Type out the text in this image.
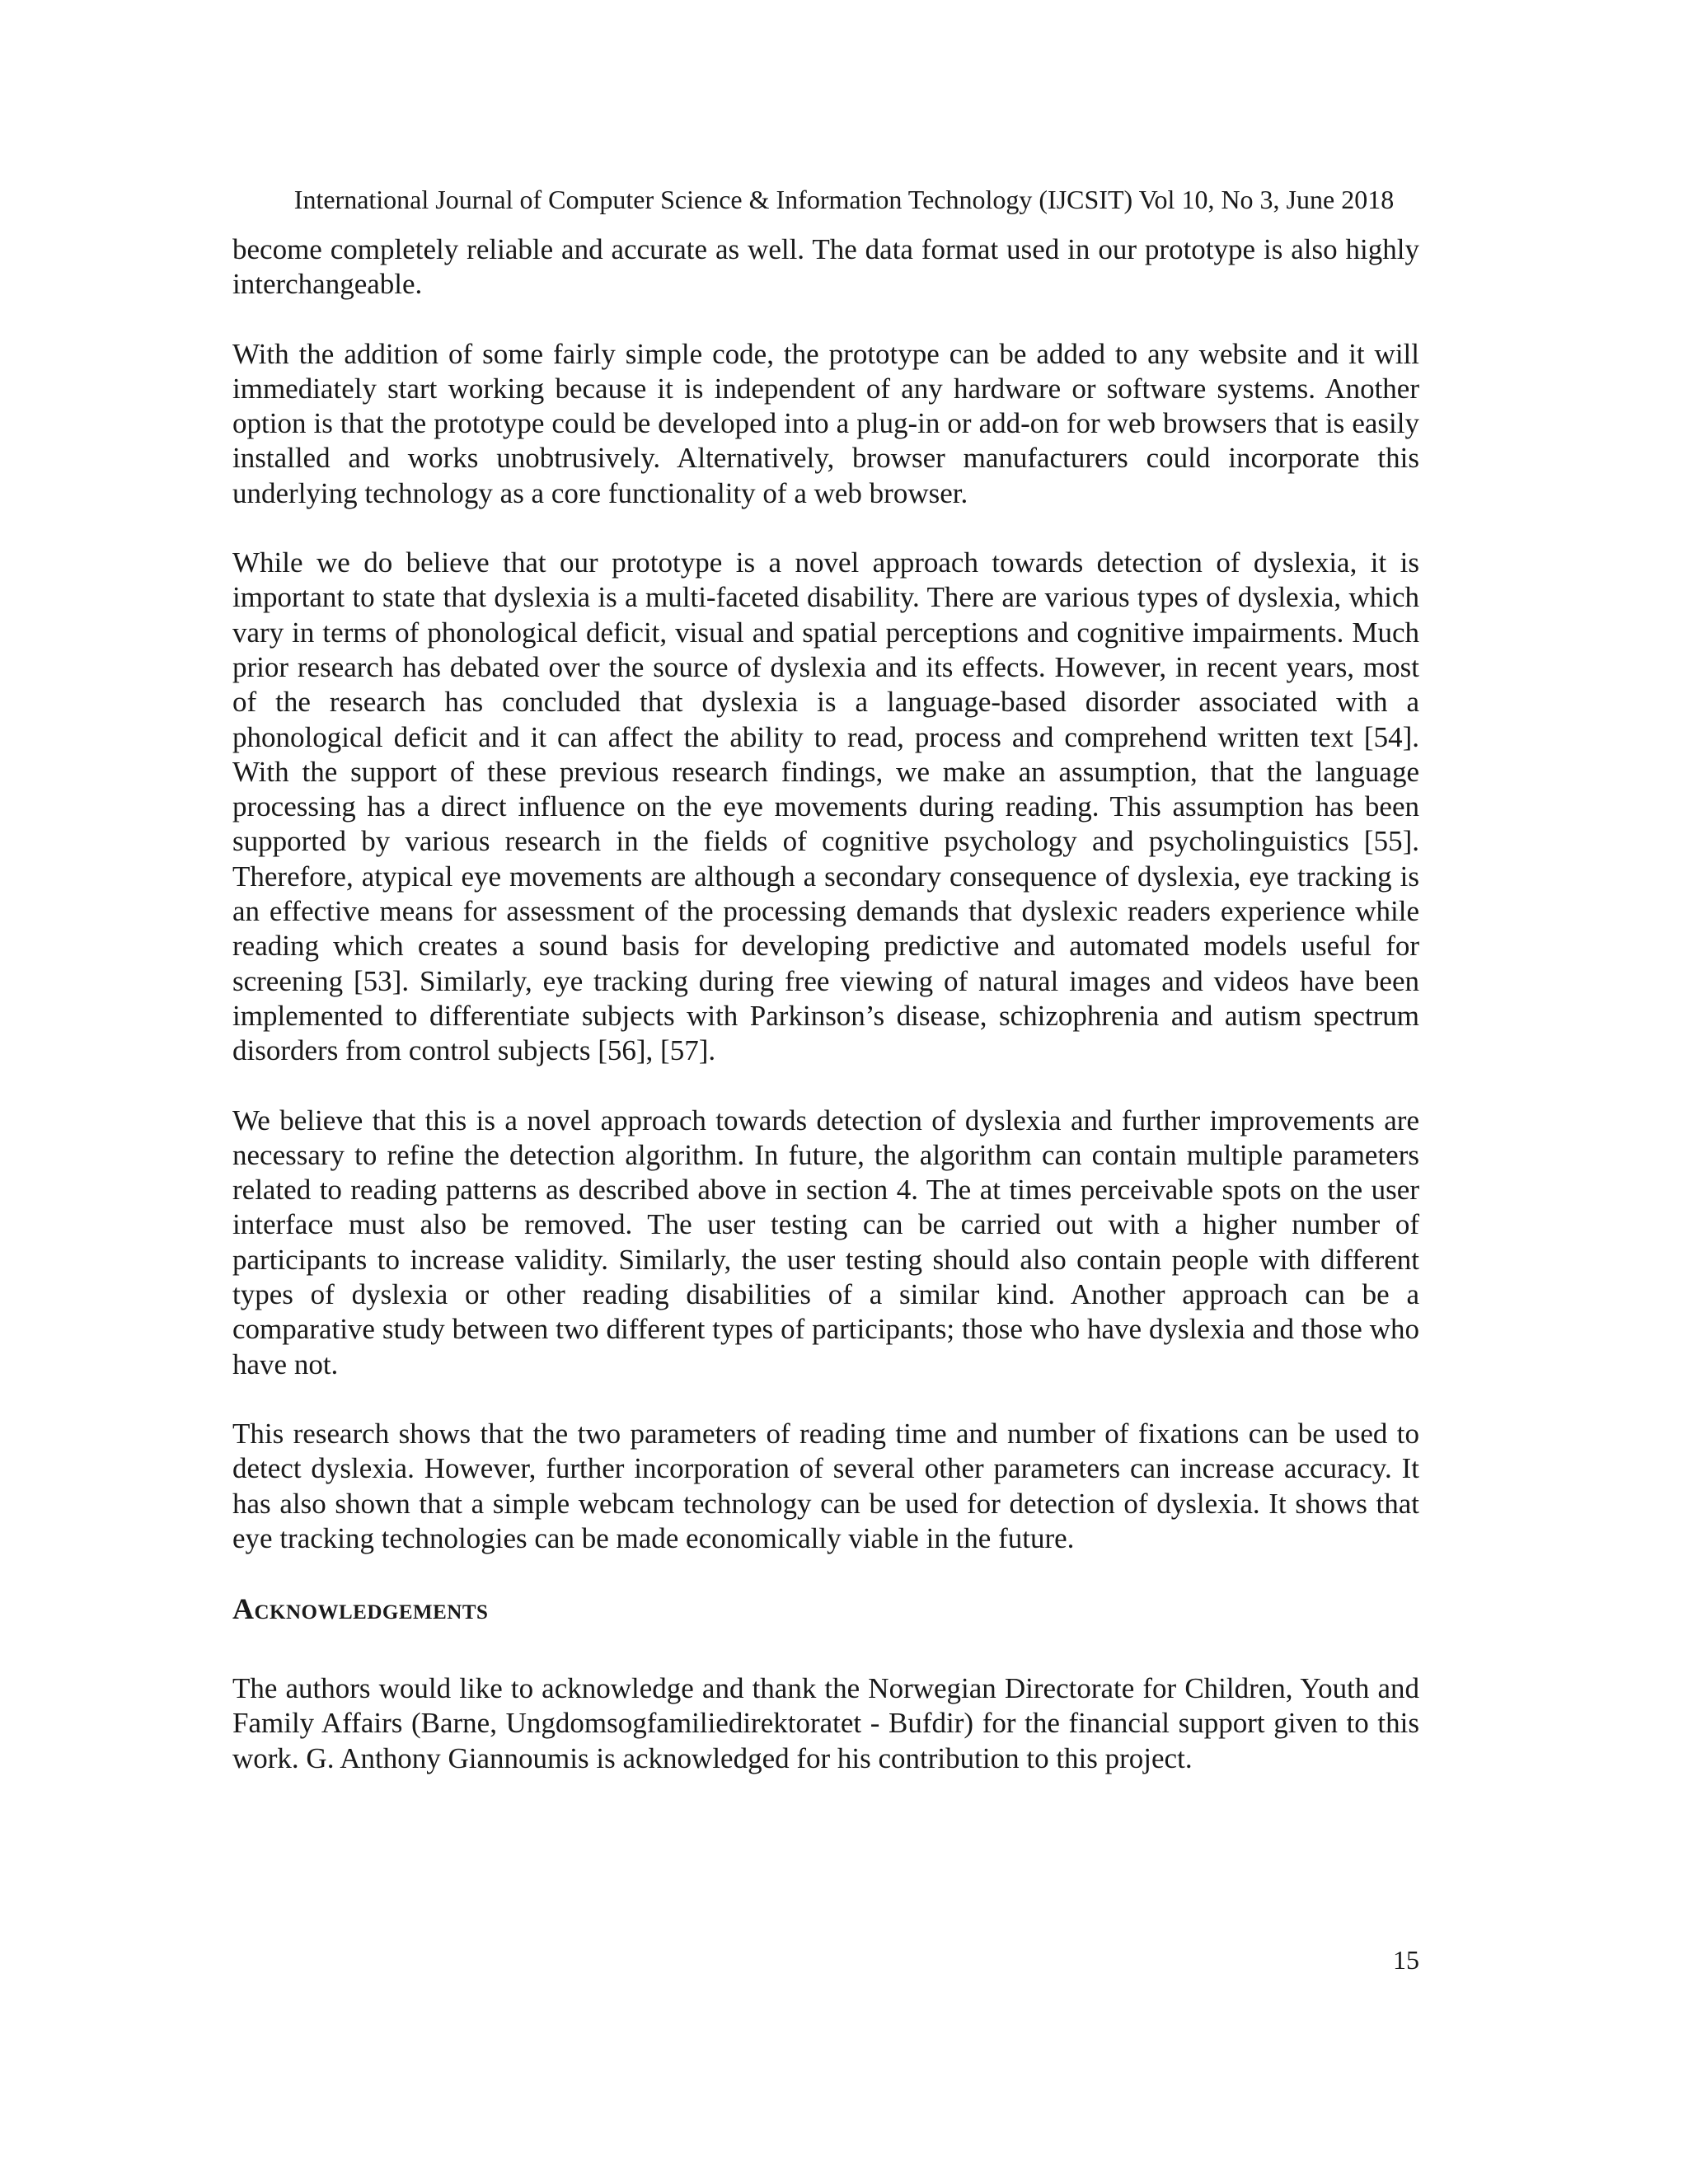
International Journal of Computer Science & Information Technology (IJCSIT) Vol 10, No 3, June 2018

become completely reliable and accurate as well. The data format used in our prototype is also highly interchangeable.

With the addition of some fairly simple code, the prototype can be added to any website and it will immediately start working because it is independent of any hardware or software systems. Another option is that the prototype could be developed into a plug-in or add-on for web browsers that is easily installed and works unobtrusively. Alternatively, browser manufacturers could incorporate this underlying technology as a core functionality of a web browser.

While we do believe that our prototype is a novel approach towards detection of dyslexia, it is important to state that dyslexia is a multi-faceted disability. There are various types of dyslexia, which vary in terms of phonological deficit, visual and spatial perceptions and cognitive impairments. Much prior research has debated over the source of dyslexia and its effects. However, in recent years, most of the research has concluded that dyslexia is a language-based disorder associated with a phonological deficit and it can affect the ability to read, process and comprehend written text [54]. With the support of these previous research findings, we make an assumption, that the language processing has a direct influence on the eye movements during reading. This assumption has been supported by various research in the fields of cognitive psychology and psycholinguistics [55]. Therefore, atypical eye movements are although a secondary consequence of dyslexia, eye tracking is an effective means for assessment of the processing demands that dyslexic readers experience while reading which creates a sound basis for developing predictive and automated models useful for screening [53]. Similarly, eye tracking during free viewing of natural images and videos have been implemented to differentiate subjects with Parkinson’s disease, schizophrenia and autism spectrum disorders from control subjects [56], [57].

We believe that this is a novel approach towards detection of dyslexia and further improvements are necessary to refine the detection algorithm. In future, the algorithm can contain multiple parameters related to reading patterns as described above in section 4. The at times perceivable spots on the user interface must also be removed. The user testing can be carried out with a higher number of participants to increase validity. Similarly, the user testing should also contain people with different types of dyslexia or other reading disabilities of a similar kind. Another approach can be a comparative study between two different types of participants; those who have dyslexia and those who have not.

This research shows that the two parameters of reading time and number of fixations can be used to detect dyslexia. However, further incorporation of several other parameters can increase accuracy. It has also shown that a simple webcam technology can be used for detection of dyslexia. It shows that eye tracking technologies can be made economically viable in the future.

Acknowledgements

The authors would like to acknowledge and thank the Norwegian Directorate for Children, Youth and Family Affairs (Barne, Ungdomsogfamiliedirektoratet - Bufdir) for the financial support given to this work. G. Anthony Giannoumis is acknowledged for his contribution to this project.

15
